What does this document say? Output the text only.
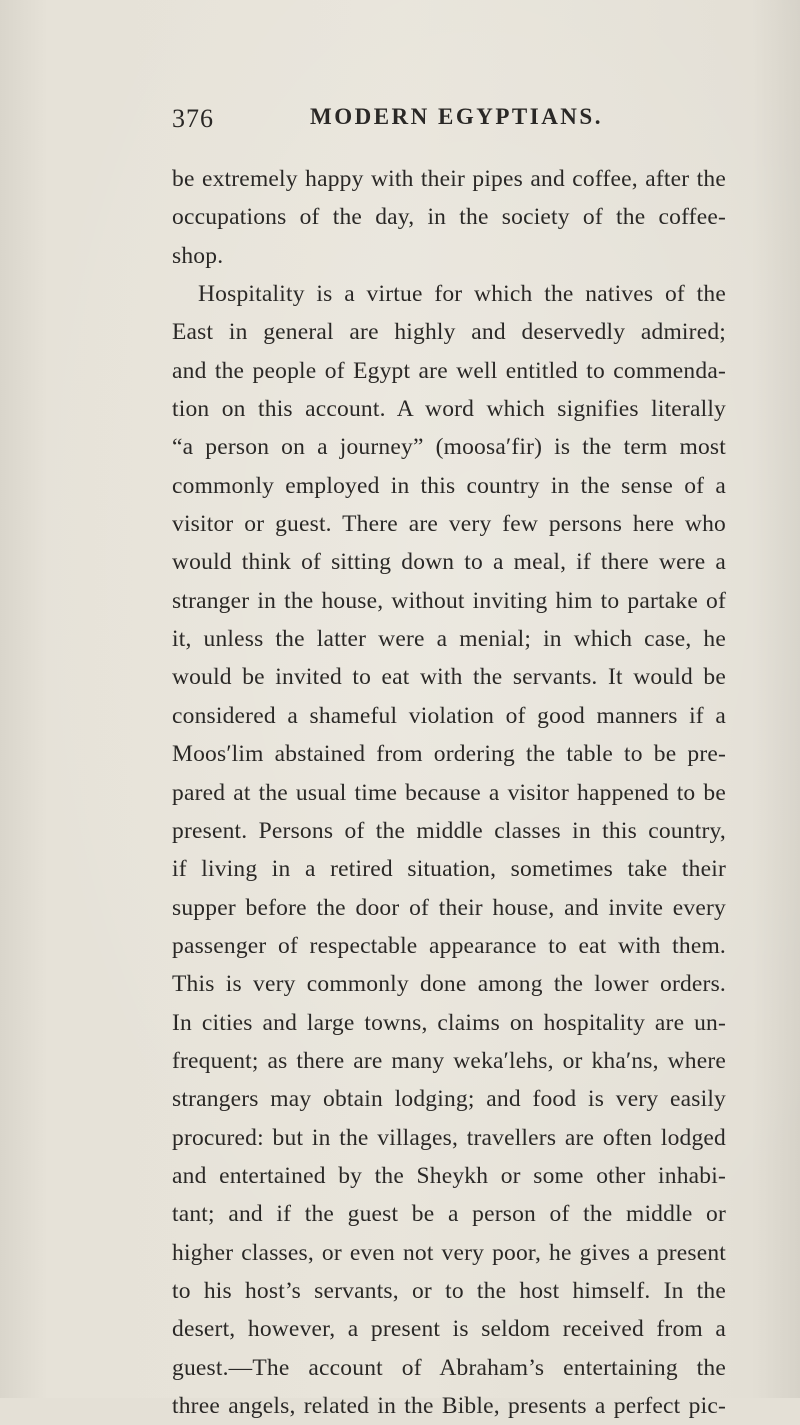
376	MODERN EGYPTIANS.
be extremely happy with their pipes and coffee, after the
occupations of the day, in the society of the coffee-
shop.
Hospitality is a virtue for which the natives of the
East in general are highly and deservedly admired;
and the people of Egypt are well entitled to commenda-
tion on this account. A word which signifies literally
“a person on a journey” (moosa′fir) is the term most
commonly employed in this country in the sense of a
visitor or guest. There are very few persons here who
would think of sitting down to a meal, if there were a
stranger in the house, without inviting him to partake of
it, unless the latter were a menial; in which case, he
would be invited to eat with the servants. It would be
considered a shameful violation of good manners if a
Moos′lim abstained from ordering the table to be pre-
pared at the usual time because a visitor happened to be
present. Persons of the middle classes in this country,
if living in a retired situation, sometimes take their
supper before the door of their house, and invite every
passenger of respectable appearance to eat with them.
This is very commonly done among the lower orders.
In cities and large towns, claims on hospitality are un-
frequent; as there are many weka′lehs, or kha′ns, where
strangers may obtain lodging; and food is very easily
procured: but in the villages, travellers are often lodged
and entertained by the Sheykh or some other inhabi-
tant; and if the guest be a person of the middle or
higher classes, or even not very poor, he gives a present
to his host’s servants, or to the host himself. In the
desert, however, a present is seldom received from a
guest.—The account of Abraham’s entertaining the
three angels, related in the Bible, presents a perfect pic-
